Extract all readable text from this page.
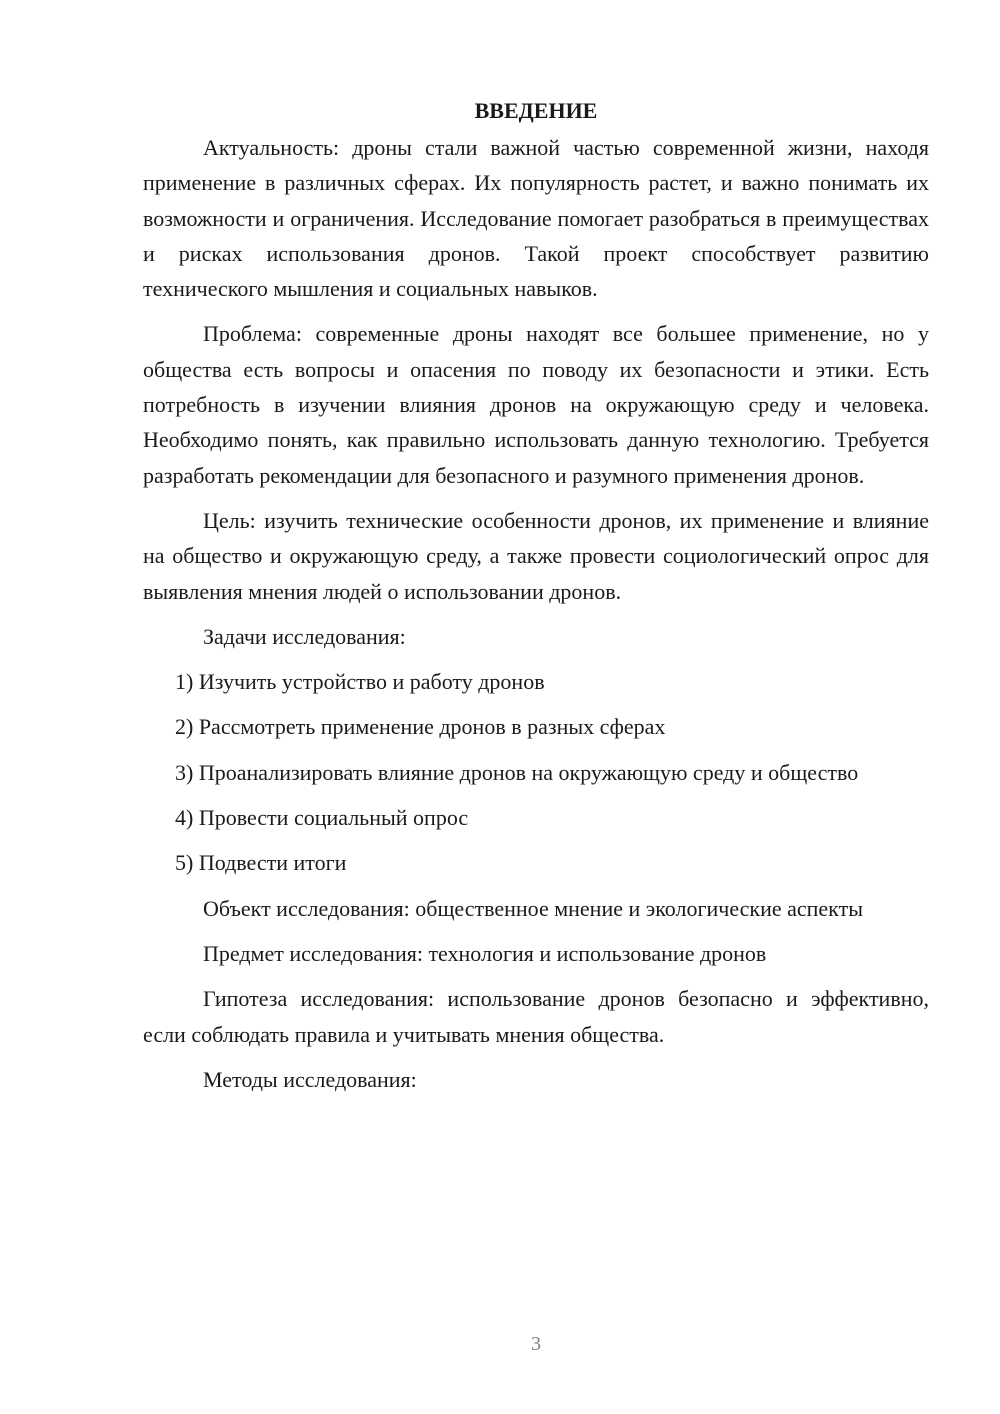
ВВЕДЕНИЕ

Актуальность: дроны стали важной частью современной жизни, находя применение в различных сферах. Их популярность растет, и важно понимать их возможности и ограничения. Исследование помогает разобраться в преимуществах и рисках использования дронов. Такой проект способствует развитию технического мышления и социальных навыков.

Проблема: современные дроны находят все большее применение, но у общества есть вопросы и опасения по поводу их безопасности и этики. Есть потребность в изучении влияния дронов на окружающую среду и человека. Необходимо понять, как правильно использовать данную технологию. Требуется разработать рекомендации для безопасного и разумного применения дронов.

Цель: изучить технические особенности дронов, их применение и влияние на общество и окружающую среду, а также провести социологический опрос для выявления мнения людей о использовании дронов.

Задачи исследования:

1) Изучить устройство и работу дронов

2) Рассмотреть применение дронов в разных сферах

3) Проанализировать влияние дронов на окружающую среду и общество

4) Провести социальный опрос

5) Подвести итоги

Объект исследования: общественное мнение и экологические аспекты

Предмет исследования: технология и использование дронов

Гипотеза исследования: использование дронов безопасно и эффективно, если соблюдать правила и учитывать мнения общества.

Методы исследования:

3
